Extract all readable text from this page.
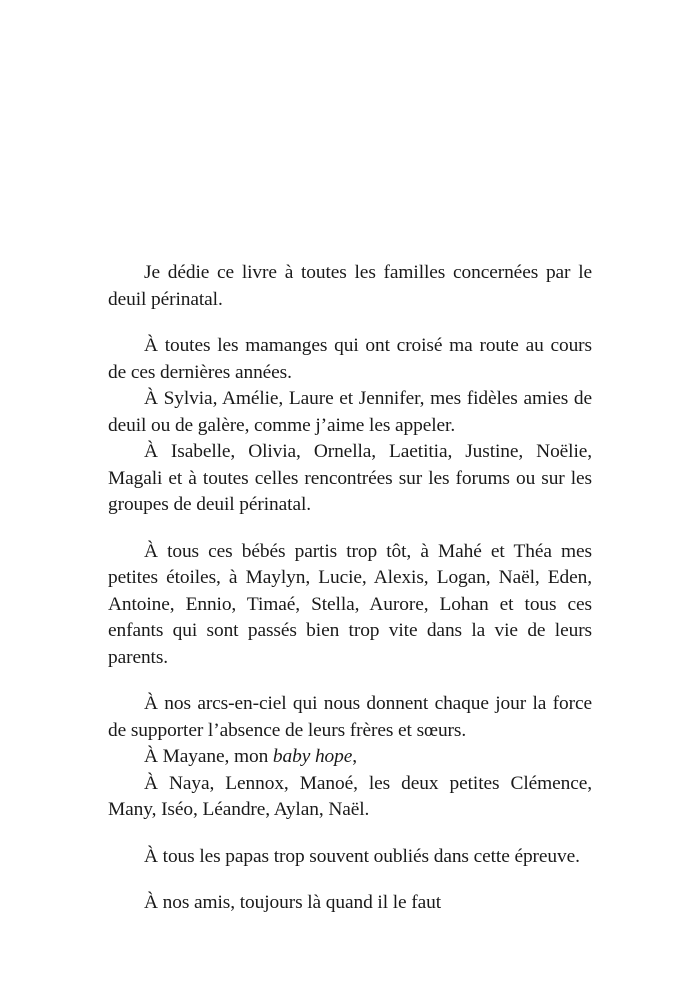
Je dédie ce livre à toutes les familles concernées par le deuil périnatal.

À toutes les mamanges qui ont croisé ma route au cours de ces dernières années.

À Sylvia, Amélie, Laure et Jennifer, mes fidèles amies de deuil ou de galère, comme j’aime les appeler.

À Isabelle, Olivia, Ornella, Laetitia, Justine, Noëlie, Magali et à toutes celles rencontrées sur les forums ou sur les groupes de deuil périnatal.

À tous ces bébés partis trop tôt, à Mahé et Théa mes petites étoiles, à Maylyn, Lucie, Alexis, Logan, Naël, Eden, Antoine, Ennio, Timaé, Stella, Aurore, Lohan et tous ces enfants qui sont passés bien trop vite dans la vie de leurs parents.

À nos arcs-en-ciel qui nous donnent chaque jour la force de supporter l’absence de leurs frères et sœurs.

À Mayane, mon baby hope,

À Naya, Lennox, Manoé, les deux petites Clémence, Many, Iséo, Léandre, Aylan, Naël.

À tous les papas trop souvent oubliés dans cette épreuve.

À nos amis, toujours là quand il le faut
